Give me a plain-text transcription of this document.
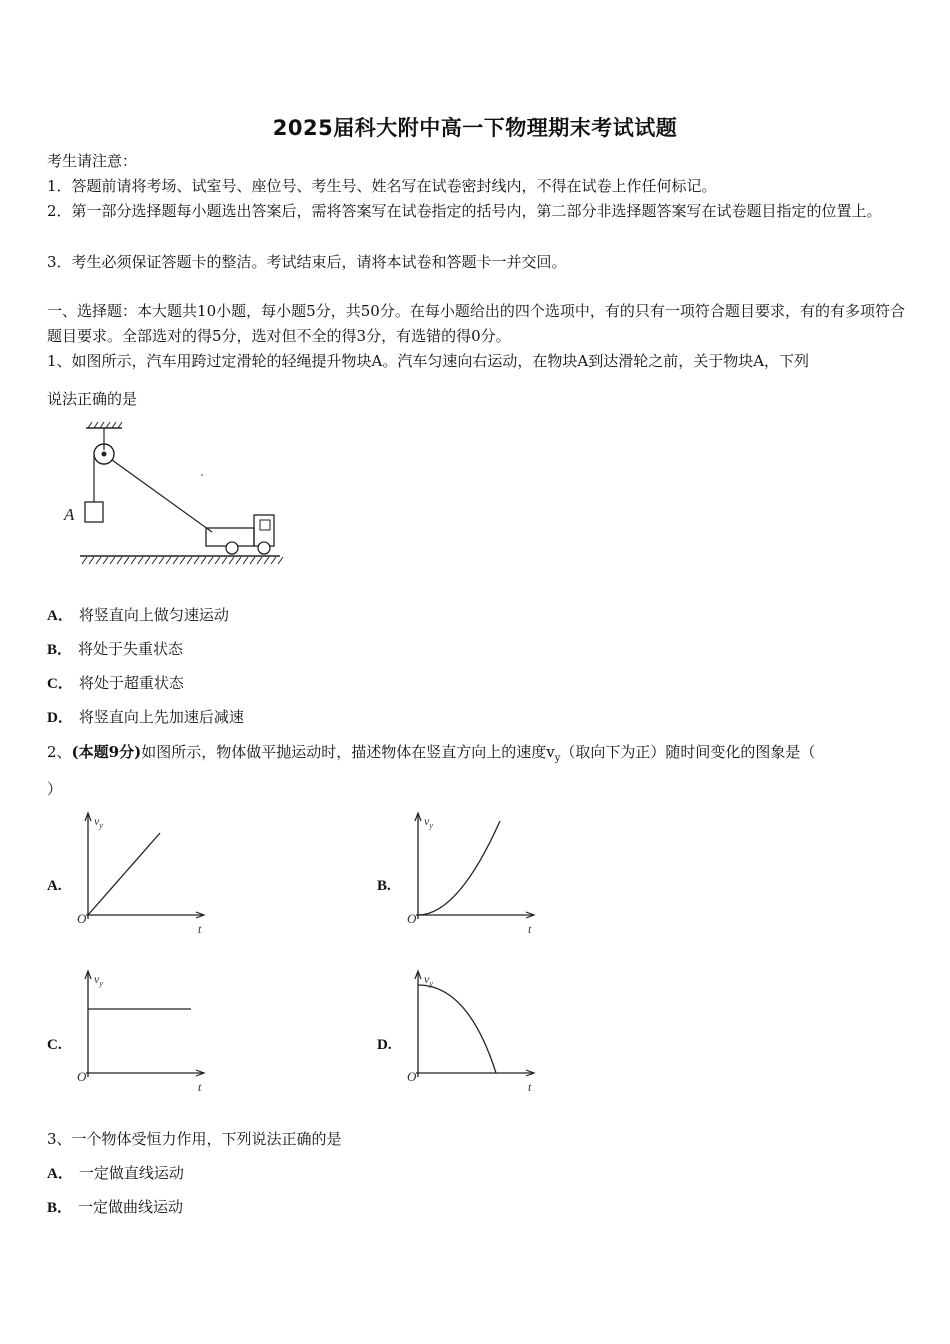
2025届科大附中高一下物理期末考试试题
考生请注意：
1．答题前请将考场、试室号、座位号、考生号、姓名写在试卷密封线内，不得在试卷上作任何标记。
2．第一部分选择题每小题选出答案后，需将答案写在试卷指定的括号内，第二部分非选择题答案写在试卷题目指定的位置上。
3．考生必须保证答题卡的整洁。考试结束后，请将本试卷和答题卡一并交回。
一、选择题：本大题共10小题，每小题5分，共50分。在每小题给出的四个选项中，有的只有一项符合题目要求，有的有多项符合题目要求。全部选对的得5分，选对但不全的得3分，有选错的得0分。
1、如图所示，汽车用跨过定滑轮的轻绳提升物块A。汽车匀速向右运动，在物块A到达滑轮之前，关于物块A，下列
说法正确的是
A
A． 将竖直向上做匀速运动
B． 将处于失重状态
C． 将处于超重状态
D． 将竖直向上先加速后减速
2、(本题9分)如图所示，物体做平抛运动时，描述物体在竖直方向上的速度$v_y$（取向下为正）随时间变化的图象是（
）
A.	B.
C.	D.
$v_y$
t
O
$v_y$
t
O
$v_y$
t
O
$v_y$
t
O
3、一个物体受恒力作用，下列说法正确的是
A． 一定做直线运动
B． 一定做曲线运动
